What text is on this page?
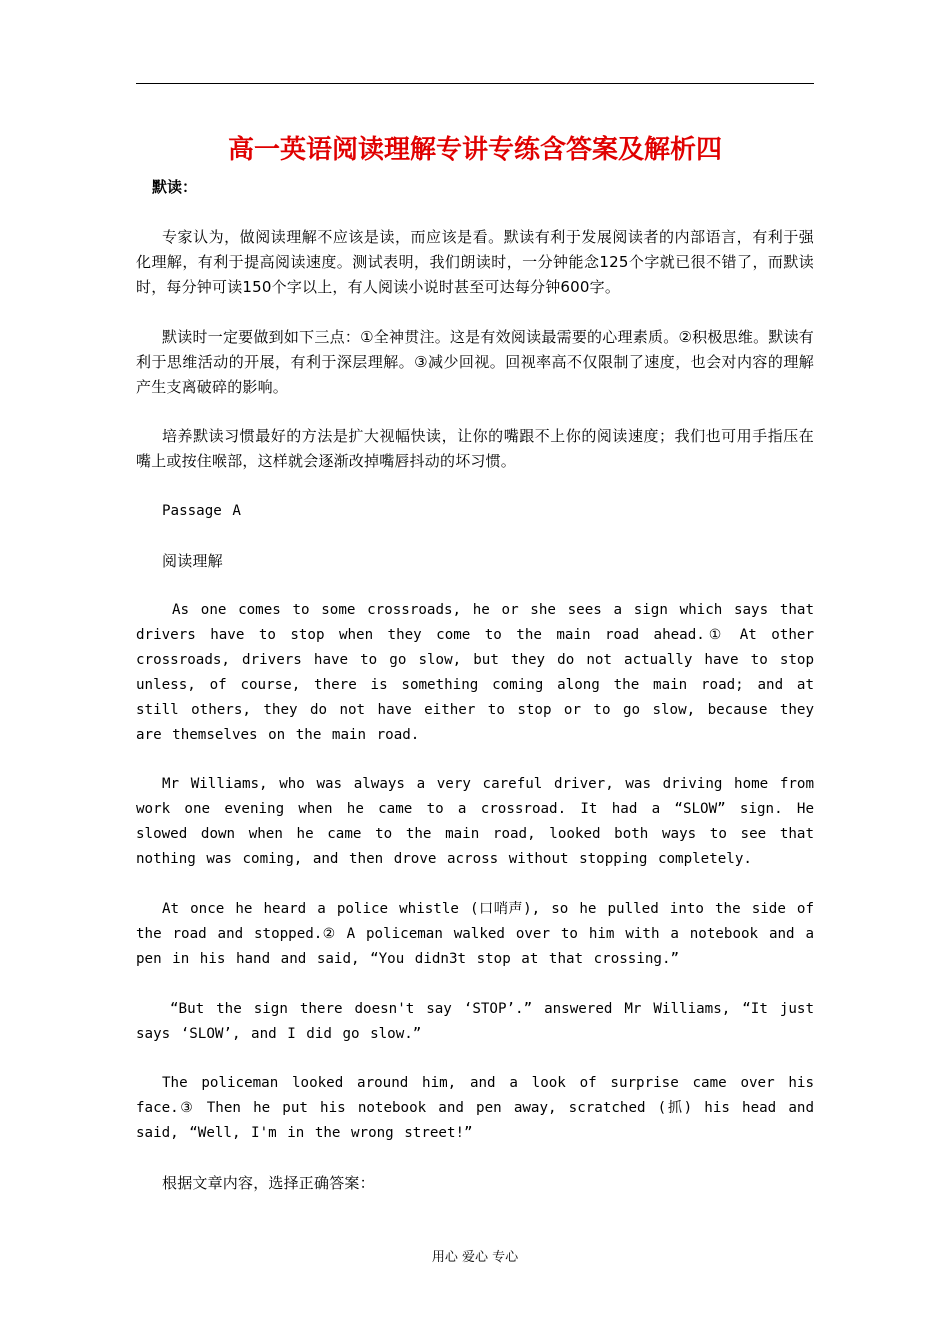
高一英语阅读理解专讲专练含答案及解析四
默读：

专家认为，做阅读理解不应该是读，而应该是看。默读有利于发展阅读者的内部语言，有利于强化理解，有利于提高阅读速度。测试表明，我们朗读时，一分钟能念125个字就已很不错了，而默读时，每分钟可读150个字以上，有人阅读小说时甚至可达每分钟600字。

默读时一定要做到如下三点：①全神贯注。这是有效阅读最需要的心理素质。②积极思维。默读有利于思维活动的开展，有利于深层理解。③减少回视。回视率高不仅限制了速度，也会对内容的理解产生支离破碎的影响。

培养默读习惯最好的方法是扩大视幅快读，让你的嘴跟不上你的阅读速度；我们也可用手指压在嘴上或按住喉部，这样就会逐渐改掉嘴唇抖动的坏习惯。

Passage A

阅读理解

As one comes to some crossroads, he or she sees a sign which says that drivers have to stop when they come to the main road ahead.① At other crossroads, drivers have to go slow, but they do not actually have to stop unless, of course, there is something coming along the main road; and at still others, they do not have either to stop or to go slow, because they are themselves on the main road.

Mr Williams, who was always a very careful driver, was driving home from work one evening when he came to a crossroad. It had a “SLOW” sign. He slowed down when he came to the main road, looked both ways to see that nothing was coming, and then drove across without stopping completely.

At once he heard a police whistle (口哨声), so he pulled into the side of the road and stopped.② A policeman walked over to him with a notebook and a pen in his hand and said, “You didn3t stop at that crossing.”

“But the sign there doesn't say ‘STOP’.” answered Mr Williams, “It just says ‘SLOW’, and I did go slow.”

The policeman looked around him, and a look of surprise came over his face.③ Then he put his notebook and pen away, scratched (抓) his head and said, “Well, I'm in the wrong street!”

根据文章内容，选择正确答案：

用心 爱心 专心
